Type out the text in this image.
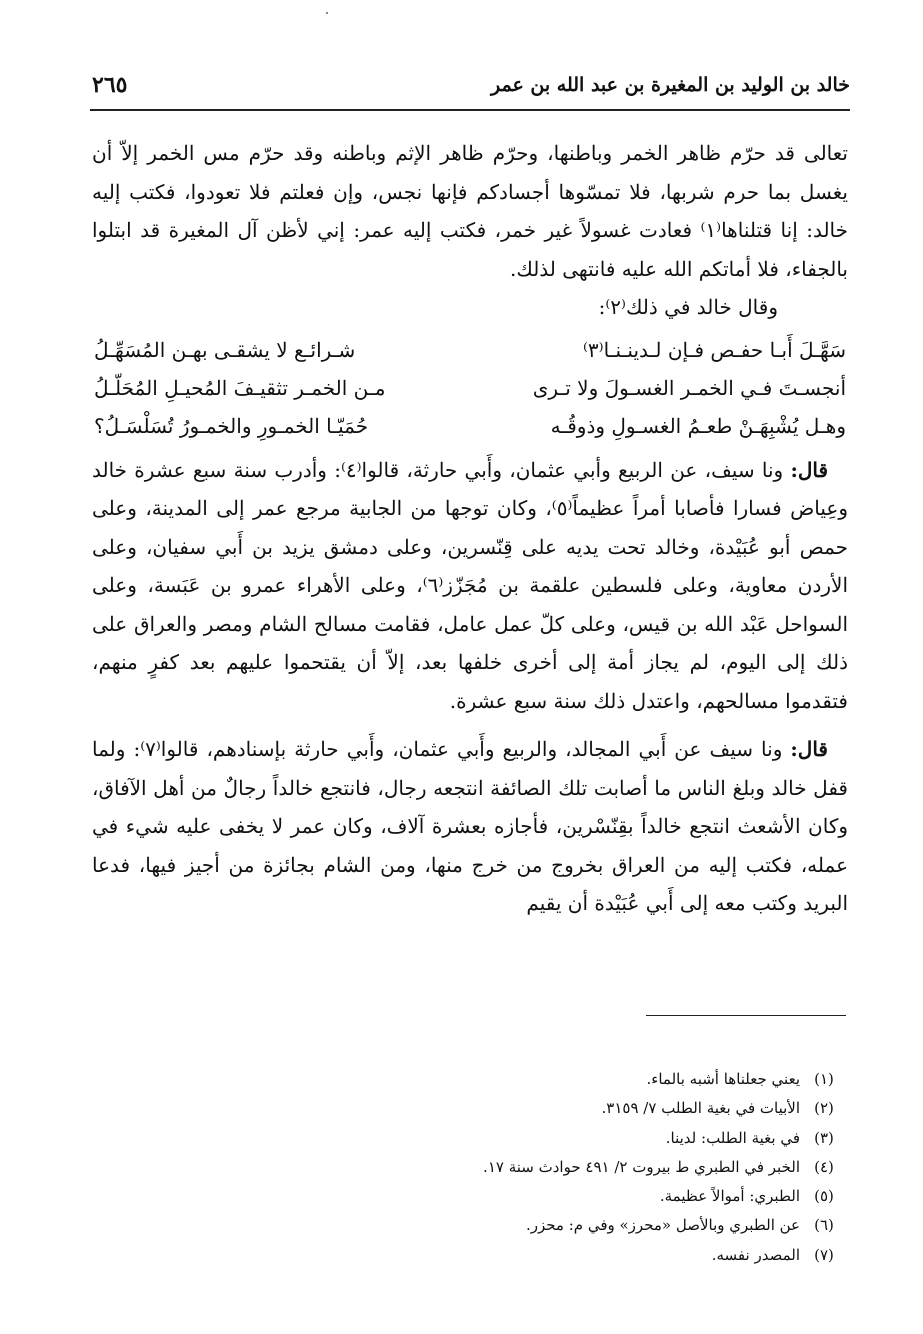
خالد بن الوليد بن المغيرة بن عبد الله بن عمر
٢٦٥

تعالى قد حرّم ظاهر الخمر وباطنها، وحرّم ظاهر الإثم وباطنه وقد حرّم مس الخمر إلاّ أن يغسل بما حرم شربها، فلا تمسّوها أجسادكم فإنها نجس، وإن فعلتم فلا تعودوا، فكتب إليه خالد: إنا قتلناها⁽١⁾ فعادت غسولاً غير خمر، فكتب إليه عمر: إني لأظن آل المغيرة قد ابتلوا بالجفاء، فلا أماتكم الله عليه فانتهى لذلك.

وقال خالد في ذلك⁽٢⁾:

سَهَّـلَ أَبـا حفـص فـإن لـدينـنـا⁽٣⁾
شـرائـع لا يشقـى بهـن المُسَهِّـلُ
أنجسـتَ فـي الخمـر الغسـولَ ولا تـرى
مـن الخمـر تثقيـفَ المُحيـلِ المُحَلّـلُ
وهـل يُشْبِهَـنْ طعـمُ الغسـولِ وذوقُـه
حُمَيّـا الخمـورِ والخمـورُ تُسَلْسَـلُ؟

قال: ونا سيف، عن الربيع وأبي عثمان، وأَبي حارثة، قالوا⁽٤⁾: وأدرب سنة سبع عشرة خالد وعِياض فسارا فأصابا أمراً عظيماً⁽٥⁾، وكان توجها من الجابية مرجع عمر إلى المدينة، وعلى حمص أبو عُبَيْدة، وخالد تحت يديه على قِنّسرين، وعلى دمشق يزيد بن أَبي سفيان، وعلى الأردن معاوية، وعلى فلسطين علقمة بن مُجَزّز⁽٦⁾، وعلى الأهراء عمرو بن عَبَسة، وعلى السواحل عَبْد الله بن قيس، وعلى كلّ عمل عامل، فقامت مسالح الشام ومصر والعراق على ذلك إلى اليوم، لم يجاز أمة إلى أخرى خلفها بعد، إلاّ أن يقتحموا عليهم بعد كفرٍ منهم، فتقدموا مسالحهم، واعتدل ذلك سنة سبع عشرة.

قال: ونا سيف عن أَبي المجالد، والربيع وأَبي عثمان، وأَبي حارثة بإسنادهم، قالوا⁽٧⁾: ولما قفل خالد وبلغ الناس ما أصابت تلك الصائفة انتجعه رجال، فانتجع خالداً رجالٌ من أهل الآفاق، وكان الأشعث انتجع خالداً بقِنّسْرين، فأجازه بعشرة آلاف، وكان عمر لا يخفى عليه شيء في عمله، فكتب إليه من العراق بخروج من خرج منها، ومن الشام بجائزة من أجيز فيها، فدعا البريد وكتب معه إلى أَبي عُبَيْدة أن يقيم

(١)
يعني جعلناها أشبه بالماء.
(٢)
الأبيات في بغية الطلب ٧/ ٣١٥٩.
(٣)
في بغية الطلب: لدينا.
(٤)
الخبر في الطبري ط بيروت ٢/ ٤٩١ حوادث سنة ١٧.
(٥)
الطبري: أموالاً عظيمة.
(٦)
عن الطبري وبالأصل «محرز» وفي م: محزر.
(٧)
المصدر نفسه.
